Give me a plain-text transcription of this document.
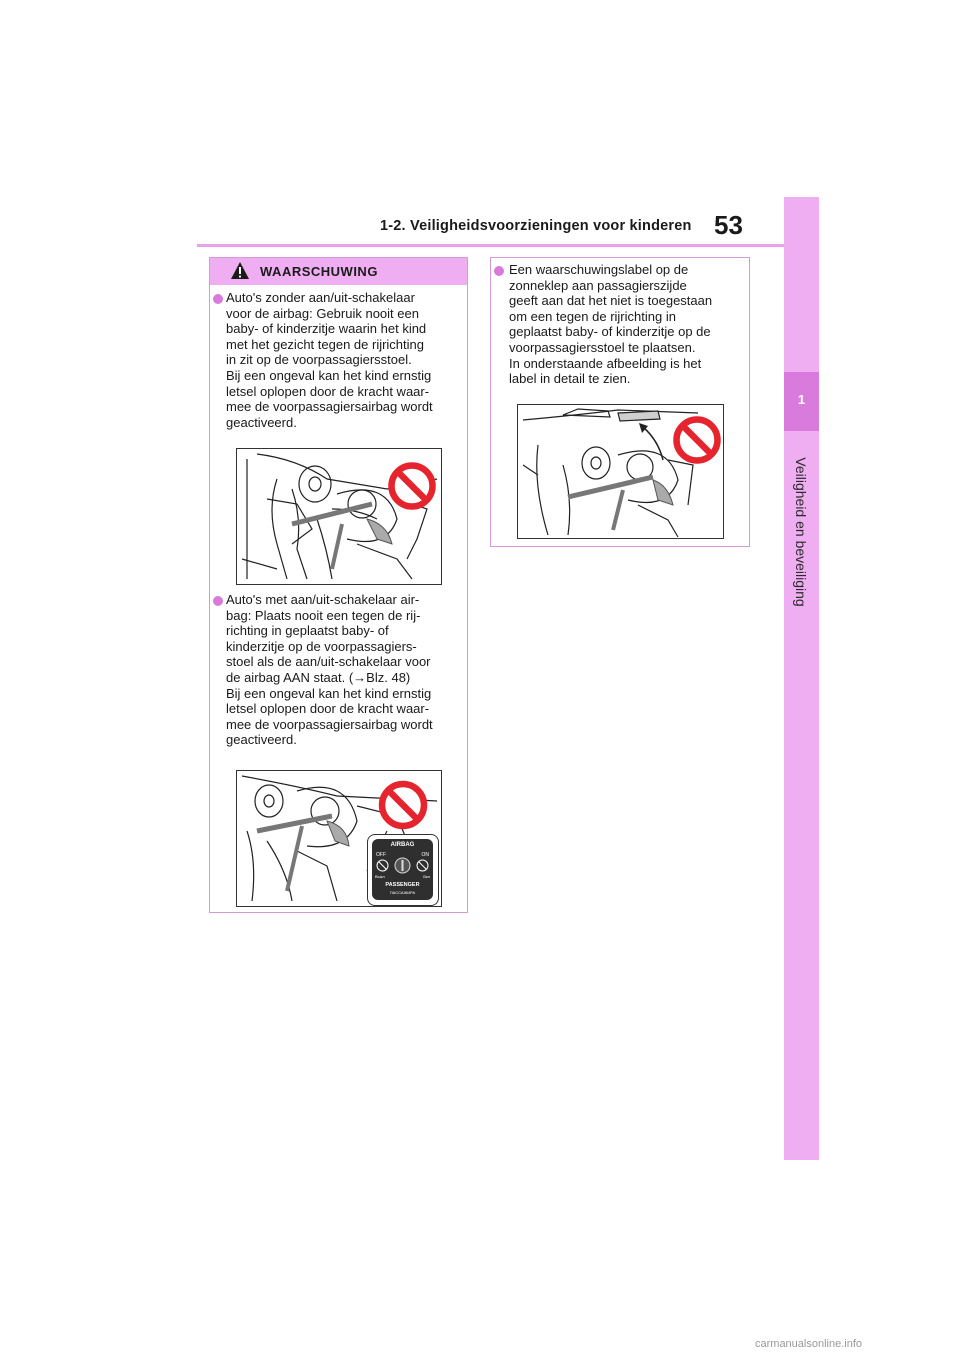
1-2. Veiligheidsvoorzieningen voor kinderen 53
1
Veiligheid en beveiliging
WAARSCHUWING
Auto's zonder aan/uit-schakelaar
voor de airbag: Gebruik nooit een
baby- of kinderzitje waarin het kind
met het gezicht tegen de rijrichting
in zit op de voorpassagiersstoel.
Bij een ongeval kan het kind ernstig
letsel oplopen door de kracht waar-
mee de voorpassagiersairbag wordt
geactiveerd.
Auto's met aan/uit-schakelaar air-
bag: Plaats nooit een tegen de rij-
richting in geplaatst baby- of
kinderzitje op de voorpassagiers-
stoel als de aan/uit-schakelaar voor
de airbag AAN staat. (→Blz. 48)
Bij een ongeval kan het kind ernstig
letsel oplopen door de kracht waar-
mee de voorpassagiersairbag wordt
geactiveerd.
AIRBAG
OFF	ON
Вьікл	Вкл
PASSENGER
ПАССАЖИРА
Een waarschuwingslabel op de
zonneklep aan passagierszijde
geeft aan dat het niet is toegestaan
om een tegen de rijrichting in
geplaatst baby- of kinderzitje op de
voorpassagiersstoel te plaatsen.
In onderstaande afbeelding is het
label in detail te zien.
carmanualsonline.info
